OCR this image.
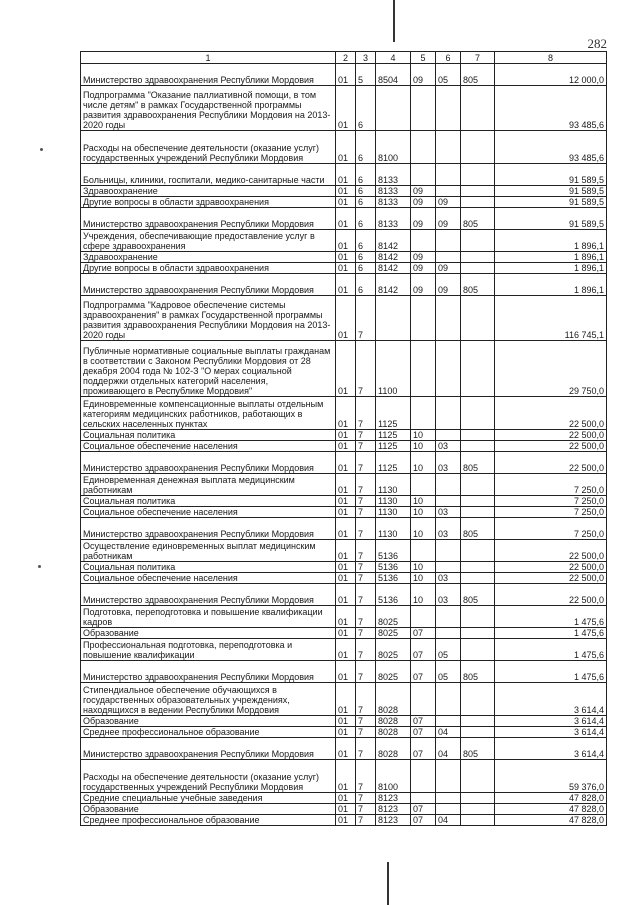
282
1	2	3	4	5	6	7	8
Министерство здравоохранения Республики Мордовия	01	5	8504	09	05	805	12 000,0
Подпрограмма "Оказание паллиативной помощи, в том числе детям" в рамках Государственной программы развития здравоохранения Республики Мордовия на 2013-2020 годы	01	6					93 485,6
Расходы на обеспечение деятельности (оказание услуг) государственных учреждений Республики Мордовия	01	6	8100				93 485,6
Больницы, клиники, госпитали, медико-санитарные части	01	6	8133				91 589,5
Здравоохранение	01	6	8133	09			91 589,5
Другие вопросы в области здравоохранения	01	6	8133	09	09		91 589,5
Министерство здравоохранения Республики Мордовия	01	6	8133	09	09	805	91 589,5
Учреждения, обеспечивающие предоставление услуг в сфере здравоохранения	01	6	8142				1 896,1
Здравоохранение	01	6	8142	09			1 896,1
Другие вопросы в области здравоохранения	01	6	8142	09	09		1 896,1
Министерство здравоохранения Республики Мордовия	01	6	8142	09	09	805	1 896,1
Подпрограмма "Кадровое обеспечение системы здравоохранения" в рамках Государственной программы развития здравоохранения Республики Мордовия на 2013-2020 годы	01	7					116 745,1
Публичные нормативные социальные выплаты гражданам в соответствии с Законом Республики Мордовия от 28 декабря 2004 года № 102-З "О мерах социальной поддержки отдельных категорий населения, проживающего в Республике Мордовия"	01	7	1100				29 750,0
Единовременные компенсационные выплаты отдельным категориям медицинских работников, работающих в сельских населенных пунктах	01	7	1125				22 500,0
Социальная политика	01	7	1125	10			22 500,0
Социальное обеспечение населения	01	7	1125	10	03		22 500,0
Министерство здравоохранения Республики Мордовия	01	7	1125	10	03	805	22 500,0
Единовременная денежная выплата медицинским работникам	01	7	1130				7 250,0
Социальная политика	01	7	1130	10			7 250,0
Социальное обеспечение населения	01	7	1130	10	03		7 250,0
Министерство здравоохранения Республики Мордовия	01	7	1130	10	03	805	7 250,0
Осуществление единовременных выплат медицинским работникам	01	7	5136				22 500,0
Социальная политика	01	7	5136	10			22 500,0
Социальное обеспечение населения	01	7	5136	10	03		22 500,0
Министерство здравоохранения Республики Мордовия	01	7	5136	10	03	805	22 500,0
Подготовка, переподготовка и повышение квалификации кадров	01	7	8025				1 475,6
Образование	01	7	8025	07			1 475,6
Профессиональная подготовка, переподготовка и повышение квалификации	01	7	8025	07	05		1 475,6
Министерство здравоохранения Республики Мордовия	01	7	8025	07	05	805	1 475,6
Стипендиальное обеспечение обучающихся в государственных образовательных учреждениях, находящихся в ведении Республики Мордовия	01	7	8028				3 614,4
Образование	01	7	8028	07			3 614,4
Среднее профессиональное образование	01	7	8028	07	04		3 614,4
Министерство здравоохранения Республики Мордовия	01	7	8028	07	04	805	3 614,4
Расходы на обеспечение деятельности (оказание услуг) государственных учреждений Республики Мордовия	01	7	8100				59 376,0
Средние специальные учебные заведения	01	7	8123				47 828,0
Образование	01	7	8123	07			47 828,0
Среднее профессиональное образование	01	7	8123	07	04		47 828,0
